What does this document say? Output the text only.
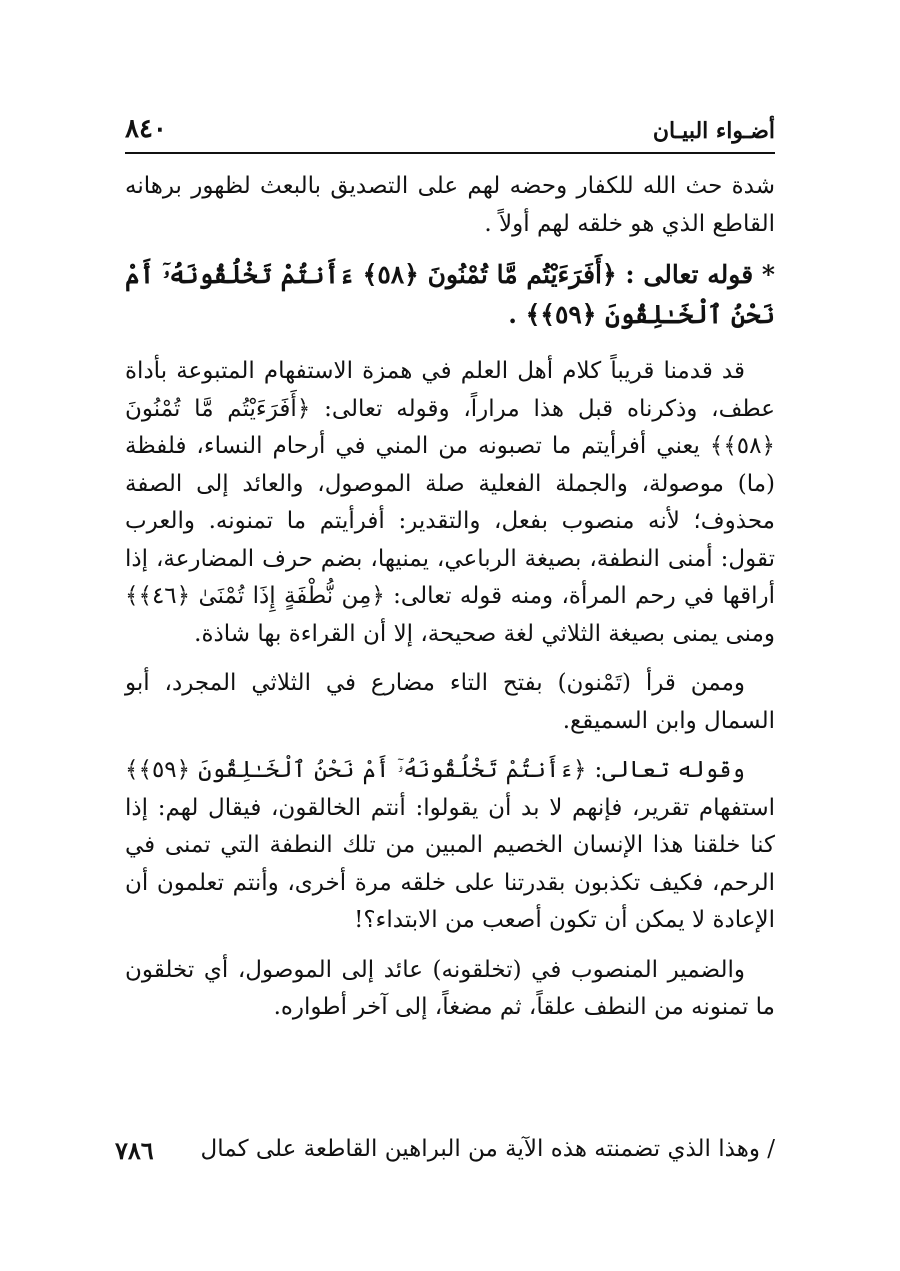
أضـواء البيـان
٨٤٠

شدة حث الله للكفار وحضه لهم على التصديق بالبعث لظهور برهانه القاطع الذي هو خلقه لهم أولاً .

* قوله تعالى : ﴿أَفَرَءَيْتُم مَّا تُمْنُونَ ﴿٥٨﴾ ءَأَنتُمْ تَخْلُقُونَهُۥٓ أَمْ نَحْنُ ٱلْخَـٰلِقُونَ ﴿٥٩﴾﴾ .

قد قدمنا قريباً كلام أهل العلم في همزة الاستفهام المتبوعة بأداة عطف، وذكرناه قبل هذا مراراً، وقوله تعالى: ﴿أَفَرَءَيْتُم مَّا تُمْنُونَ ﴿٥٨﴾﴾ يعني أفرأيتم ما تصبونه من المني في أرحام النساء، فلفظة (ما) موصولة، والجملة الفعلية صلة الموصول، والعائد إلى الصفة محذوف؛ لأنه منصوب بفعل، والتقدير: أفرأيتم ما تمنونه. والعرب تقول: أمنى النطفة، بصيغة الرباعي، يمنيها، بضم حرف المضارعة، إذا أراقها في رحم المرأة، ومنه قوله تعالى: ﴿مِن نُّطْفَةٍ إِذَا تُمْنَىٰ ﴿٤٦﴾﴾ ومنى يمنى بصيغة الثلاثي لغة صحيحة، إلا أن القراءة بها شاذة.

وممن قرأ (تَمْنون) بفتح التاء مضارع في الثلاثي المجرد، أبو السمال وابن السميقع.

وقوله تعالى: ﴿ءَأَنتُمْ تَخْلُقُونَهُۥٓ أَمْ نَحْنُ ٱلْخَـٰلِقُونَ ﴿٥٩﴾﴾ استفهام تقرير، فإنهم لا بد أن يقولوا: أنتم الخالقون، فيقال لهم: إذا كنا خلقنا هذا الإنسان الخصيم المبين من تلك النطفة التي تمنى في الرحم، فكيف تكذبون بقدرتنا على خلقه مرة أخرى، وأنتم تعلمون أن الإعادة لا يمكن أن تكون أصعب من الابتداء؟!

والضمير المنصوب في (تخلقونه) عائد إلى الموصول، أي تخلقون ما تمنونه من النطف علقاً، ثم مضغاً، إلى آخر أطواره.

/ وهذا الذي تضمنته هذه الآية من البراهين القاطعة على كمال
٧٨٦
